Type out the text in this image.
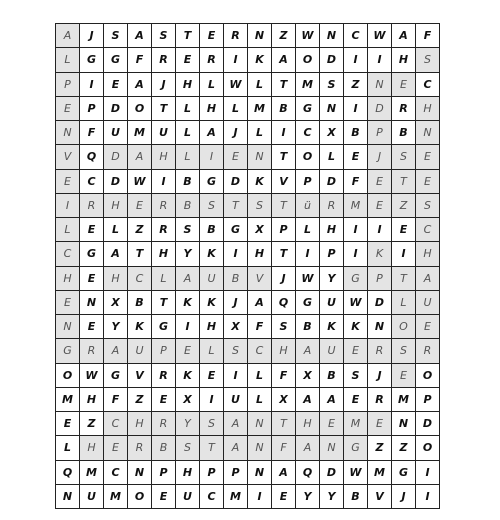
A	J	S	A	S	T	E	R	N	Z	W	N	C	W	A	F
L	G	G	F	R	E	R	I	K	A	O	D	I	I	H	S
P	I	E	A	J	H	L	W	L	T	M	S	Z	N	E	C
E	P	D	O	T	L	H	L	M	B	G	N	I	D	R	H
N	F	U	M	U	L	A	J	L	I	C	X	B	P	B	N
V	Q	D	A	H	L	I	E	N	T	O	L	E	J	S	E
E	C	D	W	I	B	G	D	K	V	P	D	F	E	T	E
I	R	H	E	R	B	S	T	S	T	ü	R	M	E	Z	S
L	E	L	Z	R	S	B	G	X	P	L	H	I	I	E	C
C	G	A	T	H	Y	K	I	H	T	I	P	I	K	I	H
H	E	H	C	L	A	U	B	V	J	W	Y	G	P	T	A
E	N	X	B	T	K	K	J	A	Q	G	U	W	D	L	U
N	E	Y	K	G	I	H	X	F	S	B	K	K	N	O	E
G	R	A	U	P	E	L	S	C	H	A	U	E	R	S	R
O	W	G	V	R	K	E	I	L	F	X	B	S	J	E	O
M	H	F	Z	E	X	I	U	L	X	A	A	E	R	M	P
E	Z	C	H	R	Y	S	A	N	T	H	E	M	E	N	D
L	H	E	R	B	S	T	A	N	F	A	N	G	Z	Z	O
Q	M	C	N	P	H	P	P	N	A	Q	D	W	M	G	I
N	U	M	O	E	U	C	M	I	E	Y	Y	B	V	J	I
